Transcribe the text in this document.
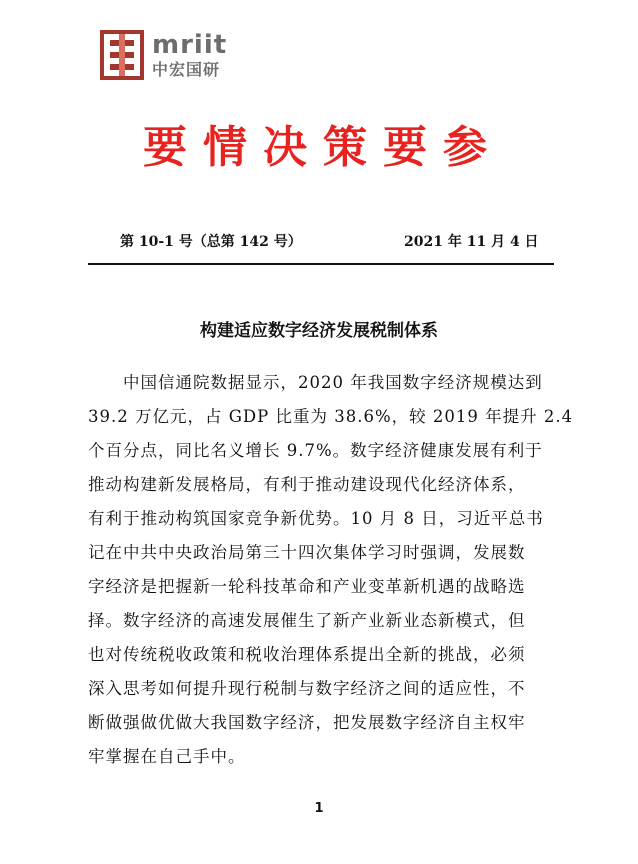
mriit
中宏国研
要情决策要参
第 10-1 号（总第 142 号）	2021 年 11 月 4 日
构建适应数字经济发展税制体系
　　中国信通院数据显示，2020 年我国数字经济规模达到
39.2 万亿元，占 GDP 比重为 38.6%，较 2019 年提升 2.4
个百分点，同比名义增长 9.7%。数字经济健康发展有利于
推动构建新发展格局，有利于推动建设现代化经济体系，
有利于推动构筑国家竞争新优势。10 月 8 日，习近平总书
记在中共中央政治局第三十四次集体学习时强调，发展数
字经济是把握新一轮科技革命和产业变革新机遇的战略选
择。数字经济的高速发展催生了新产业新业态新模式，但
也对传统税收政策和税收治理体系提出全新的挑战，必须
深入思考如何提升现行税制与数字经济之间的适应性，不
断做强做优做大我国数字经济，把发展数字经济自主权牢
牢掌握在自己手中。
1
